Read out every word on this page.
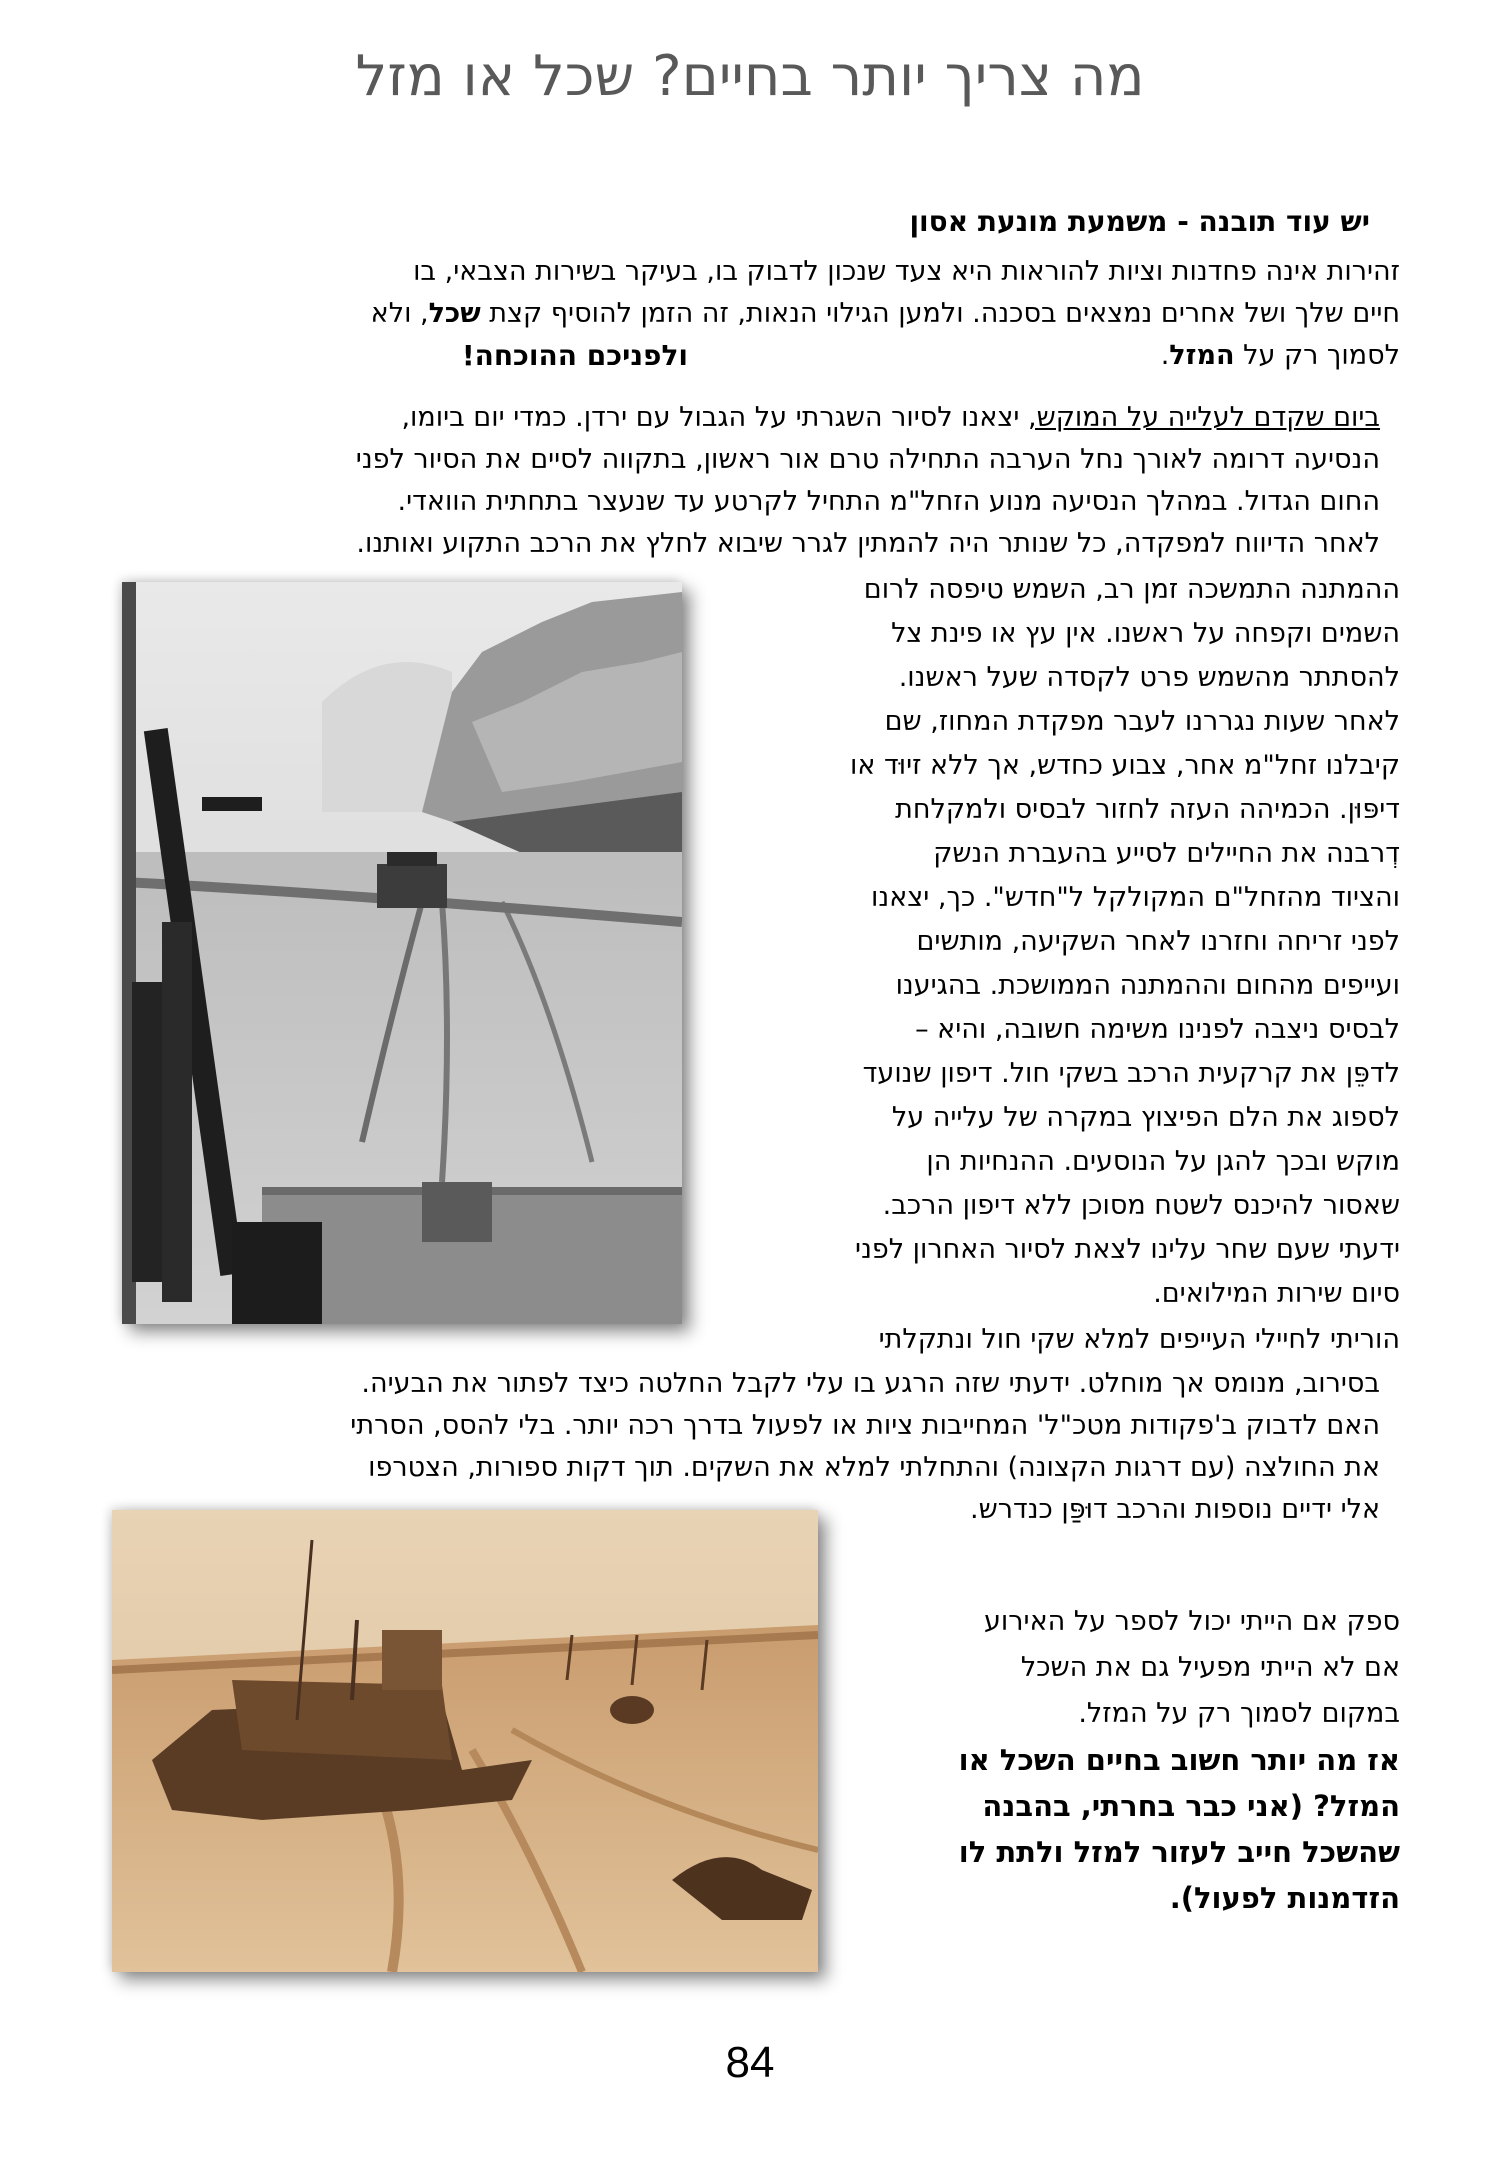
מה צריך יותר בחיים? שכל או מזל
יש עוד תובנה - משמעת מונעת אסון
זהירות אינה פחדנות וציות להוראות היא צעד שנכון לדבוק בו, בעיקר בשירות הצבאי, בו
חיים שלך ושל אחרים נמצאים בסכנה. ולמען הגילוי הנאות, זה הזמן להוסיף קצת שכל, ולא
לסמוך רק על המזל.
ולפניכם ההוכחה!
ביום שקדם לעלייה על המוקש, יצאנו לסיור השגרתי על הגבול עם ירדן. כמדי יום ביומו,
הנסיעה דרומה לאורך נחל הערבה התחילה טרם אור ראשון, בתקווה לסיים את הסיור לפני
החום הגדול. במהלך הנסיעה מנוע הזחל"מ התחיל לקרטע עד שנעצר בתחתית הוואדי.
לאחר הדיווח למפקדה, כל שנותר היה להמתין לגרר שיבוא לחלץ את הרכב התקוע ואותנו.
ההמתנה התמשכה זמן רב, השמש טיפסה לרום
השמים וקפחה על ראשנו. אין עץ או פינת צל
להסתתר מהשמש פרט לקסדה שעל ראשנו.
לאחר שעות נגררנו לעבר מפקדת המחוז, שם
קיבלנו זחל"מ אחר, צבוע כחדש, אך ללא זיוּד או
דיפּוּן. הכמיהה העזה לחזור לבסיס ולמקלחת
דְרבנה את החיילים לסייע בהעברת הנשק
והציוד מהזחל"ם המקולקל ל"חדש". כך, יצאנו
לפני זריחה וחזרנו לאחר השקיעה, מותשים
ועייפים מהחום וההמתנה הממושכת. בהגיענו
לבסיס ניצבה לפנינו משימה חשובה, והיא –
לדפֵּן את קרקעית הרכב בשקי חול. דיפון שנועד
לספוג את הלם הפיצוץ במקרה של עלייה על
מוקש ובכך להגן על הנוסעים. ההנחיות הן
שאסור להיכנס לשטח מסוכן ללא דיפון הרכב.
ידעתי שעם שחר עלינו לצאת לסיור האחרון לפני
סיום שירות המילואים.
הוריתי לחיילי העייפים למלא שקי חול ונתקלתי
בסירוב, מנומס אך מוחלט. ידעתי שזה הרגע בו עלי לקבל החלטה כיצד לפתור את הבעיה.
האם לדבוק ב'פקודות מטכ"ל' המחייבות ציות או לפעול בדרך רכה יותר. בלי להסס, הסרתי
את החולצה (עם דרגות הקצונה) והתחלתי למלא את השקים. תוך דקות ספורות, הצטרפו
אלי ידיים נוספות והרכב דוּפַּן כנדרש.
ספק אם הייתי יכול לספר על האירוע
אם לא הייתי מפעיל גם את השכל
במקום לסמוך רק על המזל.
אז מה יותר חשוב בחיים השכל או
המזל? (אני כבר בחרתי, בהבנה
שהשכל חייב לעזור למזל ולתת לו
הזדמנות לפעול).
84
